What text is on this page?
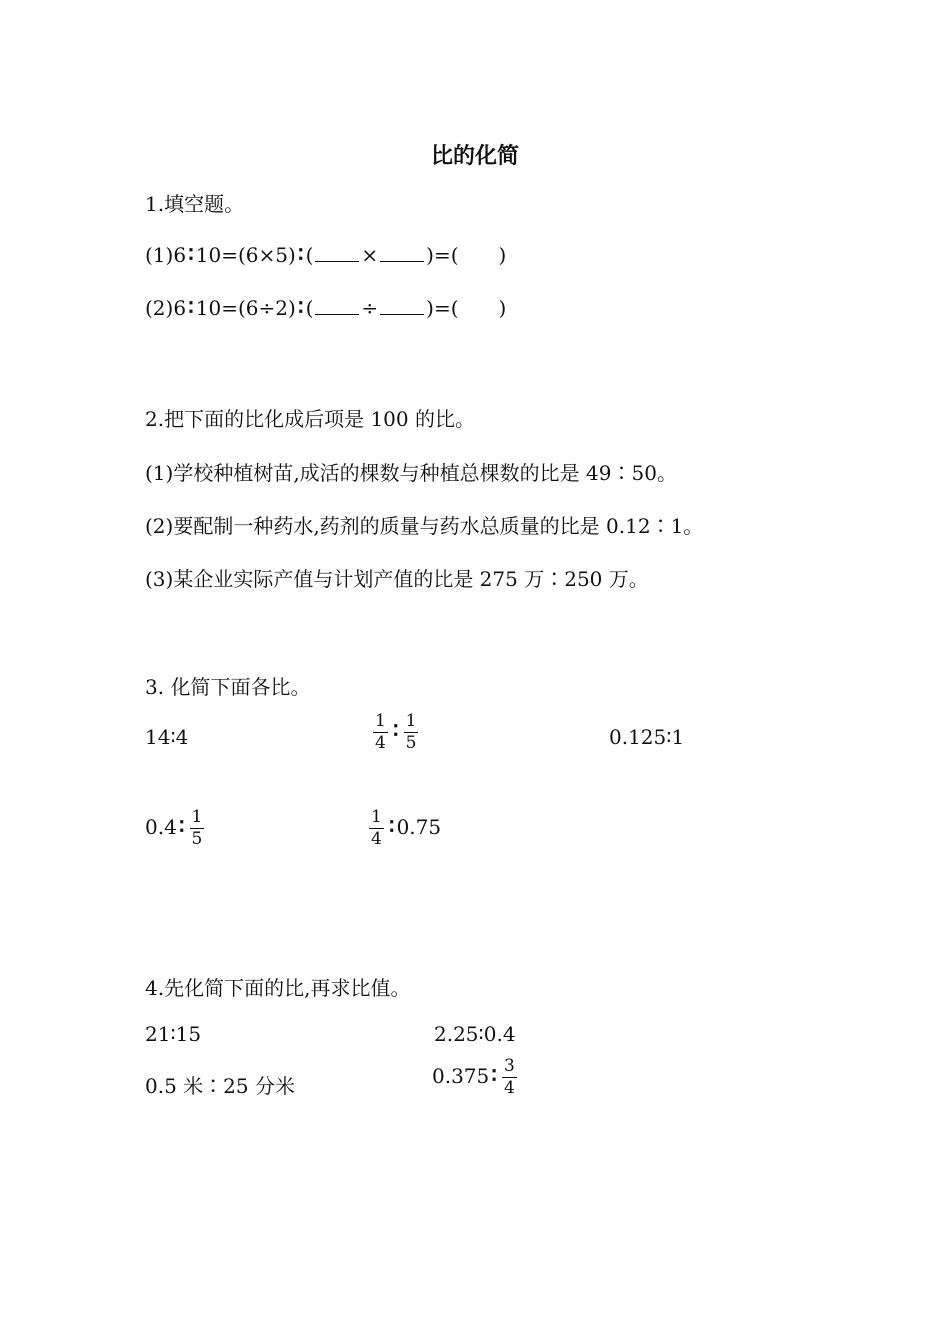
比的化简
1.填空题。
(1)6∶ 10=(6×5)∶ ( × )=( )
(2)6∶ 10=(6÷2)∶ ( ÷ )=( )
2.把下面的比化成后项是 100 的比。
(1)学校种植树苗,成活的棵数与种植总棵数的比是 49∶50。
(2)要配制一种药水,药剂的质量与药水总质量的比是 0.12∶1。
(3)某企业实际产值与计划产值的比是 275 万∶250 万。
3. 化简下面各比。
14∶4	$\frac{1}{4}$ ∶ $\frac{1}{5}$	0.125∶1
0.4∶ $\frac{1}{5}$	$\frac{1}{4}$ ∶ 0.75
4.先化简下面的比,再求比值。
21∶15	2.25∶0.4
0.5 米∶25 分米	0.375∶ $\frac{3}{4}$
